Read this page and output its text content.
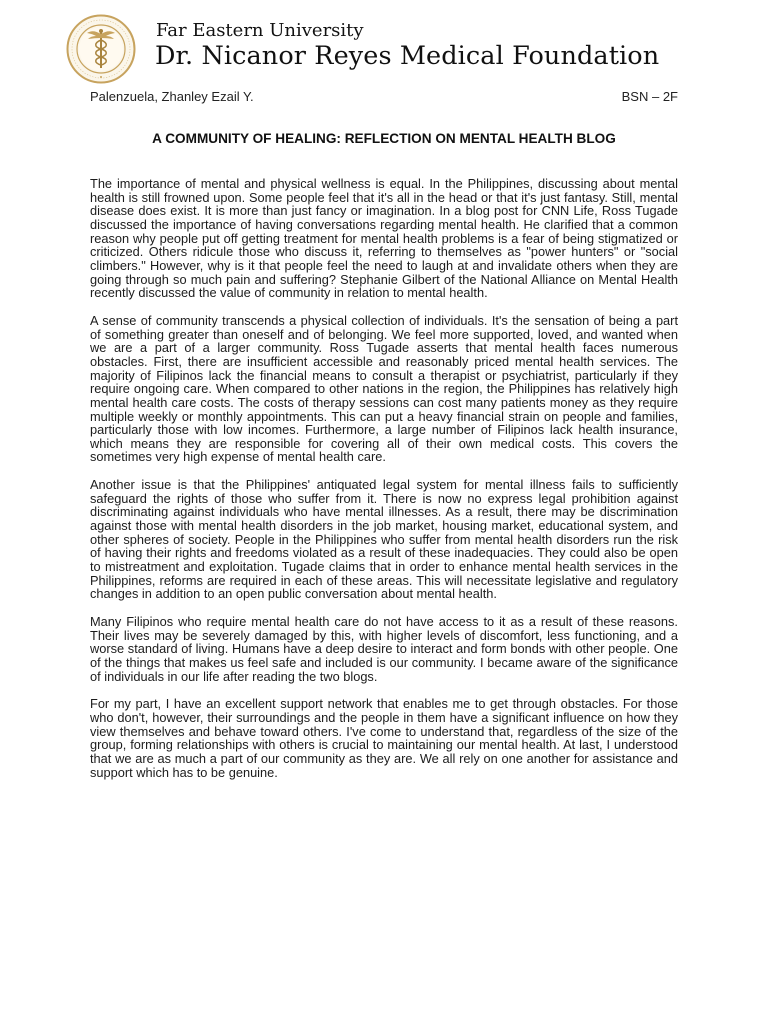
Far Eastern University
Dr. Nicanor Reyes Medical Foundation
Palenzuela, Zhanley Ezail Y.	BSN – 2F
A COMMUNITY OF HEALING: REFLECTION ON MENTAL HEALTH BLOG

The importance of mental and physical wellness is equal. In the Philippines, discussing about mental health is still frowned upon. Some people feel that it's all in the head or that it's just fantasy. Still, mental disease does exist. It is more than just fancy or imagination. In a blog post for CNN Life, Ross Tugade discussed the importance of having conversations regarding mental health. He clarified that a common reason why people put off getting treatment for mental health problems is a fear of being stigmatized or criticized. Others ridicule those who discuss it, referring to themselves as "power hunters" or "social climbers." However, why is it that people feel the need to laugh at and invalidate others when they are going through so much pain and suffering? Stephanie Gilbert of the National Alliance on Mental Health recently discussed the value of community in relation to mental health.

A sense of community transcends a physical collection of individuals. It's the sensation of being a part of something greater than oneself and of belonging. We feel more supported, loved, and wanted when we are a part of a larger community. Ross Tugade asserts that mental health faces numerous obstacles. First, there are insufficient accessible and reasonably priced mental health services. The majority of Filipinos lack the financial means to consult a therapist or psychiatrist, particularly if they require ongoing care. When compared to other nations in the region, the Philippines has relatively high mental health care costs. The costs of therapy sessions can cost many patients money as they require multiple weekly or monthly appointments. This can put a heavy financial strain on people and families, particularly those with low incomes. Furthermore, a large number of Filipinos lack health insurance, which means they are responsible for covering all of their own medical costs. This covers the sometimes very high expense of mental health care.

Another issue is that the Philippines' antiquated legal system for mental illness fails to sufficiently safeguard the rights of those who suffer from it. There is now no express legal prohibition against discriminating against individuals who have mental illnesses. As a result, there may be discrimination against those with mental health disorders in the job market, housing market, educational system, and other spheres of society. People in the Philippines who suffer from mental health disorders run the risk of having their rights and freedoms violated as a result of these inadequacies. They could also be open to mistreatment and exploitation. Tugade claims that in order to enhance mental health services in the Philippines, reforms are required in each of these areas. This will necessitate legislative and regulatory changes in addition to an open public conversation about mental health.

Many Filipinos who require mental health care do not have access to it as a result of these reasons. Their lives may be severely damaged by this, with higher levels of discomfort, less functioning, and a worse standard of living. Humans have a deep desire to interact and form bonds with other people. One of the things that makes us feel safe and included is our community. I became aware of the significance of individuals in our life after reading the two blogs.

For my part, I have an excellent support network that enables me to get through obstacles. For those who don't, however, their surroundings and the people in them have a significant influence on how they view themselves and behave toward others. I've come to understand that, regardless of the size of the group, forming relationships with others is crucial to maintaining our mental health. At last, I understood that we are as much a part of our community as they are. We all rely on one another for assistance and support which has to be genuine.
